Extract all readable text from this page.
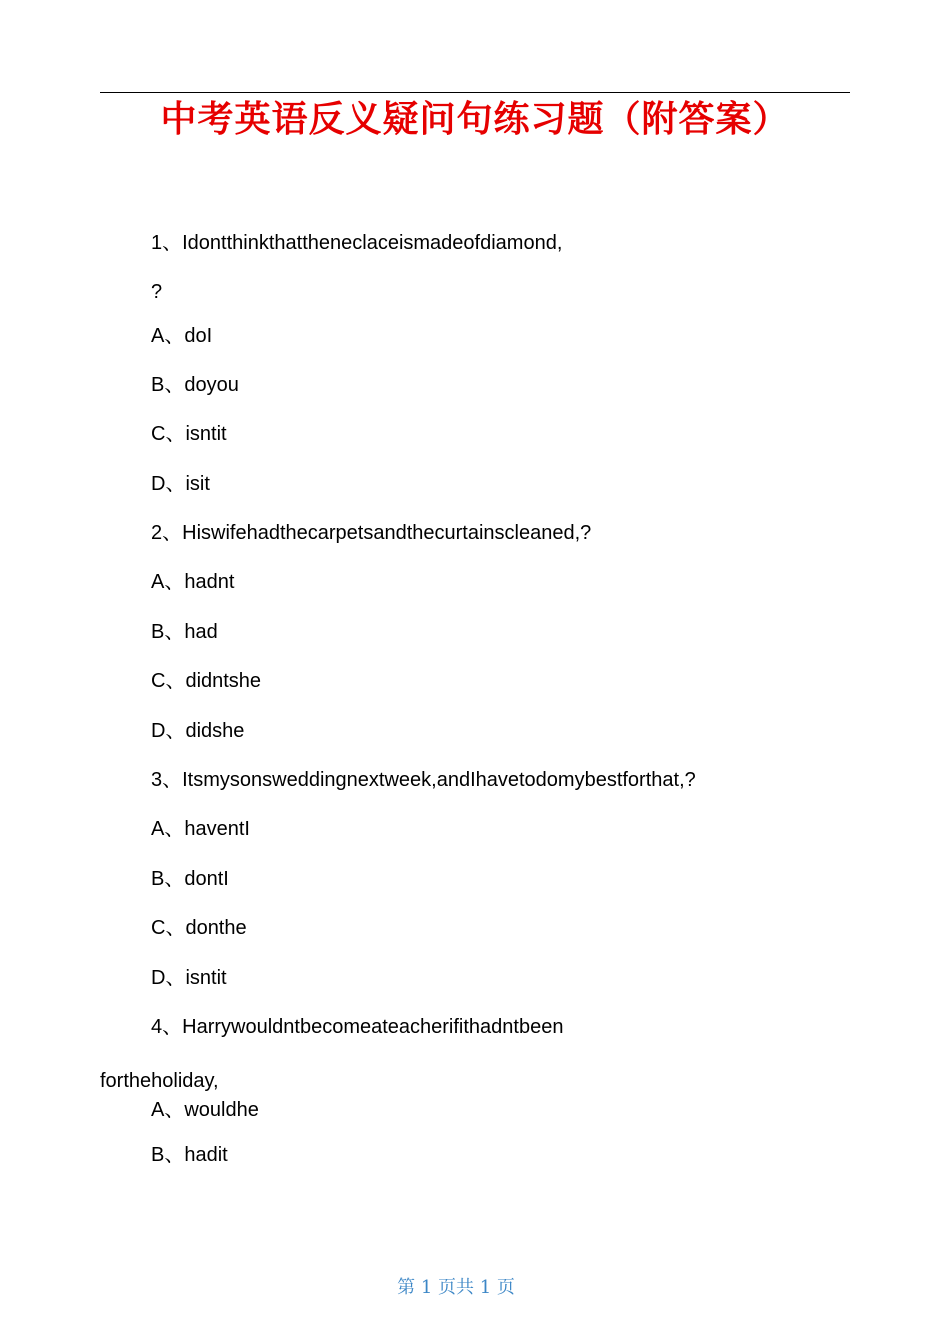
中考英语反义疑问句练习题（附答案）
1、Idontthinkthattheneclaceismadeofdiamond,
?
A、doI
B、doyou
C、isntit
D、isit
2、Hiswifehadthecarpetsandthecurtainscleaned,?
A、hadnt
B、had
C、didntshe
D、didshe
3、Itsmysonsweddingnextweek,andIhavetodomybestforthat,?
A、haventI
B、dontI
C、donthe
D、isntit
4、Harrywouldntbecomeateacherifithadntbeen
fortheholiday,
A、wouldhe
B、hadit
第 1 页共 1 页
